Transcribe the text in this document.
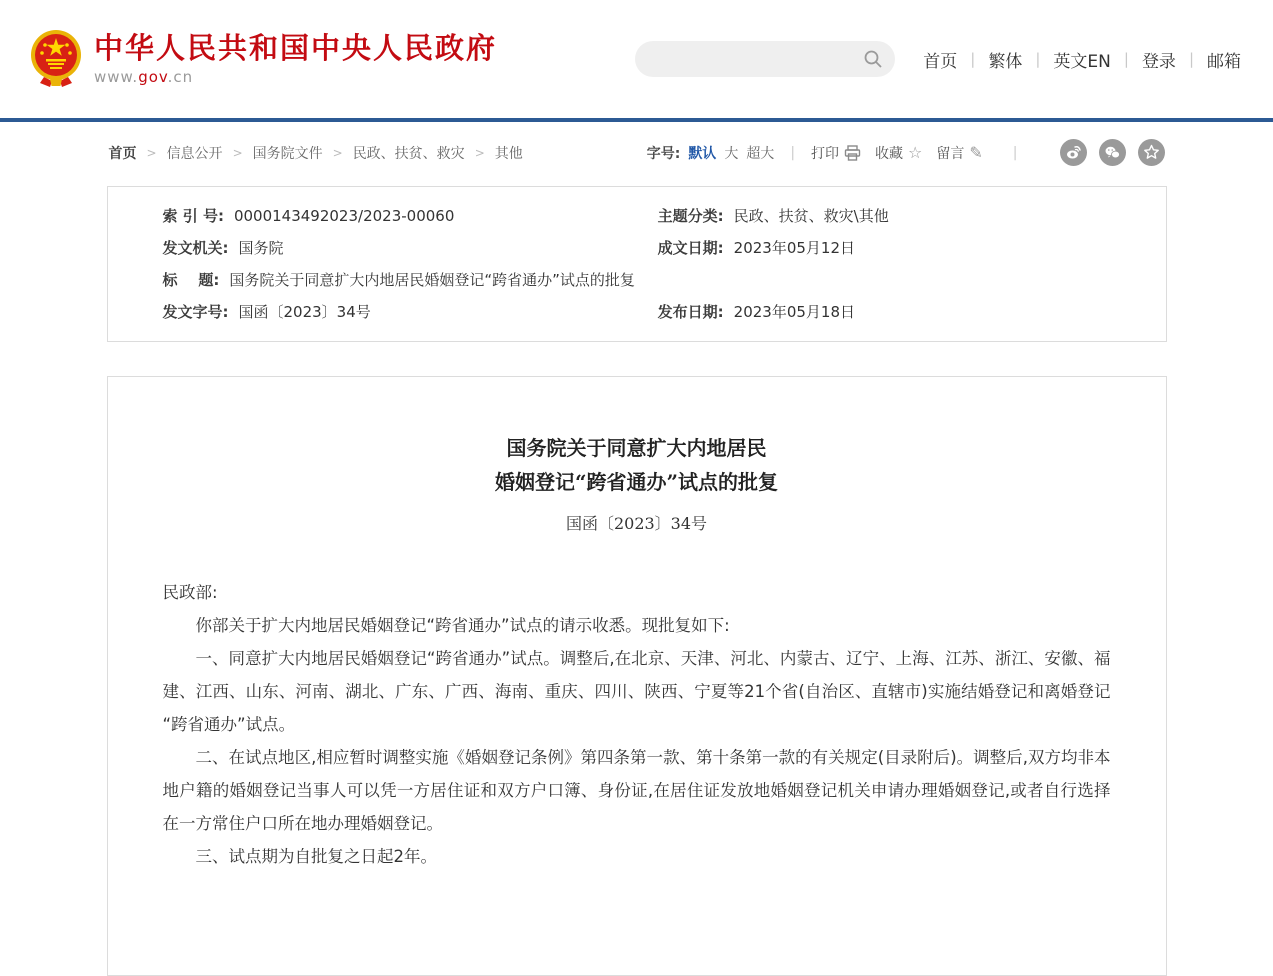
中华人民共和国中央人民政府
www.gov.cn
首页 | 繁体 | 英文EN | 登录 | 邮箱
首页 > 信息公开 > 国务院文件 > 民政、扶贫、救灾 > 其他	字号: 默认 大 超大 | 打印	收藏 ☆ 留言 ✎ |
索 引 号: 0000143492023/2023-00060	主题分类: 民政、扶贫、救灾\其他
发文机关: 国务院	成文日期: 2023年05月12日
标    题: 国务院关于同意扩大内地居民婚姻登记“跨省通办”试点的批复
发文字号: 国函〔2023〕34号	发布日期: 2023年05月18日
国务院关于同意扩大内地居民
婚姻登记“跨省通办”试点的批复
国函〔2023〕34号

民政部:

你部关于扩大内地居民婚姻登记“跨省通办”试点的请示收悉。现批复如下:

一、同意扩大内地居民婚姻登记“跨省通办”试点。调整后,在北京、天津、河北、内蒙古、辽宁、上海、江苏、浙江、安徽、福建、江西、山东、河南、湖北、广东、广西、海南、重庆、四川、陕西、宁夏等21个省(自治区、直辖市)实施结婚登记和离婚登记“跨省通办”试点。

二、在试点地区,相应暂时调整实施《婚姻登记条例》第四条第一款、第十条第一款的有关规定(目录附后)。调整后,双方均非本地户籍的婚姻登记当事人可以凭一方居住证和双方户口簿、身份证,在居住证发放地婚姻登记机关申请办理婚姻登记,或者自行选择在一方常住户口所在地办理婚姻登记。

三、试点期为自批复之日起2年。
